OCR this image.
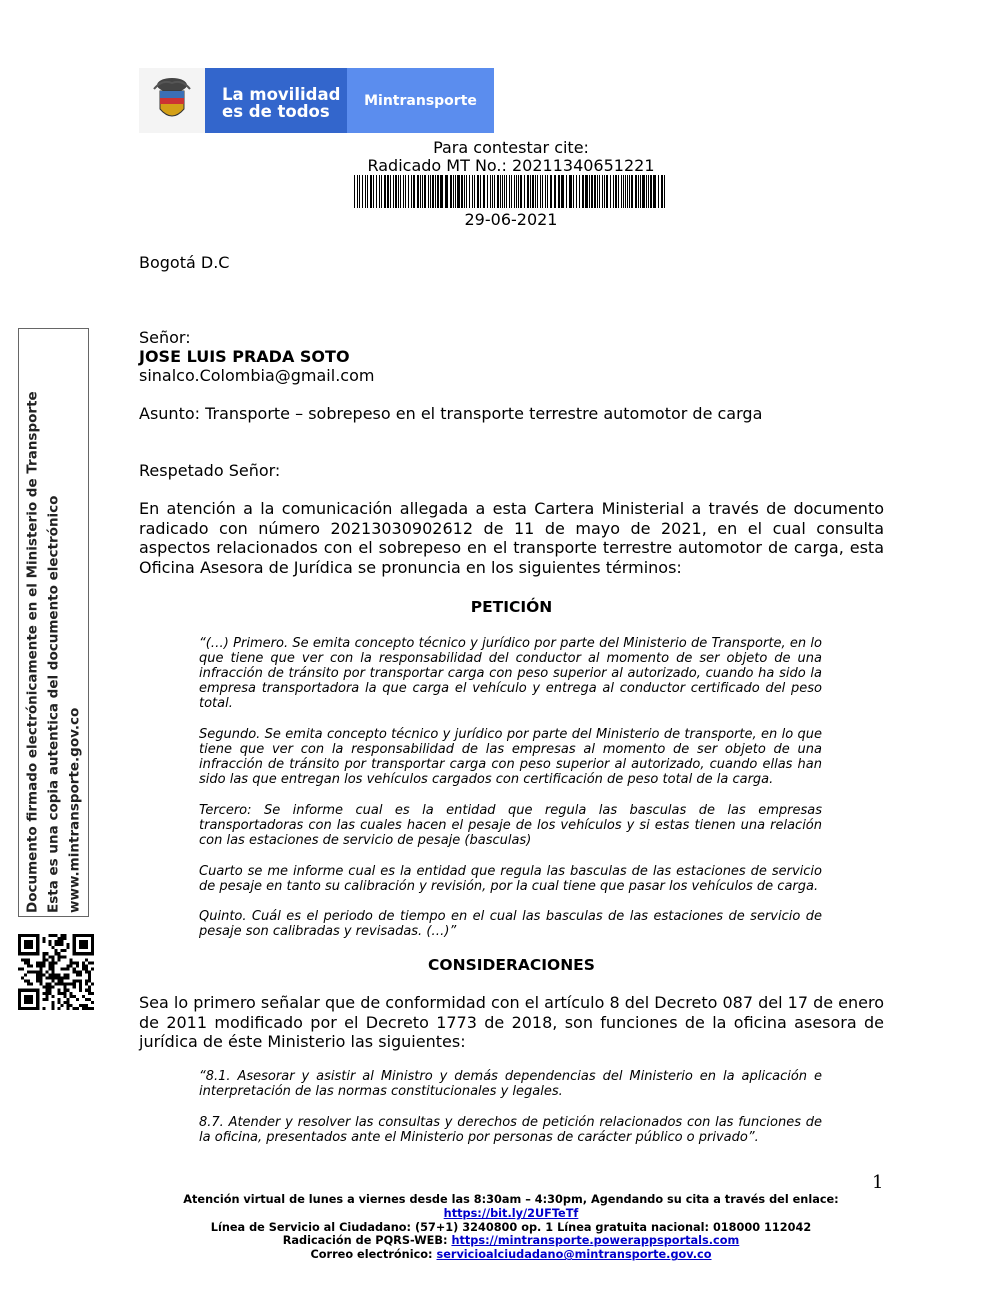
La movilidad
es de todos
Mintransporte
Para contestar cite:
Radicado MT No.: 20211340651221
29-06-2021
Bogotá D.C
Señor:
JOSE LUIS PRADA SOTO
sinalco.Colombia@gmail.com
Asunto: Transporte – sobrepeso en el transporte terrestre automotor de carga
Respetado Señor:
En atención a la comunicación allegada a esta Cartera Ministerial a través de documento radicado con número 20213030902612 de 11 de mayo de 2021, en el cual consulta aspectos relacionados con el sobrepeso en el transporte terrestre automotor de carga, esta Oficina Asesora de Jurídica se pronuncia en los siguientes términos:
PETICIÓN
“(…) Primero. Se emita concepto técnico y jurídico por parte del Ministerio de Transporte, en lo que tiene que ver con la responsabilidad del conductor al momento de ser objeto de una infracción de tránsito por transportar carga con peso superior al autorizado, cuando ha sido la empresa transportadora la que carga el vehículo y entrega al conductor certificado del peso total.
Segundo. Se emita concepto técnico y jurídico por parte del Ministerio de transporte, en lo que tiene que ver con la responsabilidad de las empresas al momento de ser objeto de una infracción de tránsito por transportar carga con peso superior al autorizado, cuando ellas han sido las que entregan los vehículos cargados con certificación de peso total de la carga.
Tercero: Se informe cual es la entidad que regula las basculas de las empresas transportadoras con las cuales hacen el pesaje de los vehículos y si estas tienen una relación con las estaciones de servicio de pesaje (basculas)
Cuarto se me informe cual es la entidad que regula las basculas de las estaciones de servicio de pesaje en tanto su calibración y revisión, por la cual tiene que pasar los vehículos de carga.
Quinto. Cuál es el periodo de tiempo en el cual las basculas de las estaciones de servicio de pesaje son calibradas y revisadas. (…)”
CONSIDERACIONES
Sea lo primero señalar que de conformidad con el artículo 8 del Decreto 087 del 17 de enero de 2011 modificado por el Decreto 1773 de 2018, son funciones de la oficina asesora de jurídica de éste Ministerio las siguientes:
“8.1. Asesorar y asistir al Ministro y demás dependencias del Ministerio en la aplicación e interpretación de las normas constitucionales y legales.
8.7. Atender y resolver las consultas y derechos de petición relacionados con las funciones de la oficina, presentados ante el Ministerio por personas de carácter público o privado”.
1
Documento firmado electrónicamente en el Ministerio de Transporte Esta es una copia autentica del documento electrónico www.mintransporte.gov.co
Atención virtual de lunes a viernes desde las 8:30am – 4:30pm, Agendando su cita a través del enlace:
https://bit.ly/2UFTeTf
Línea de Servicio al Ciudadano: (57+1) 3240800 op. 1 Línea gratuita nacional: 018000 112042
Radicación de PQRS-WEB: https://mintransporte.powerappsportals.com
Correo electrónico: servicioalciudadano@mintransporte.gov.co
